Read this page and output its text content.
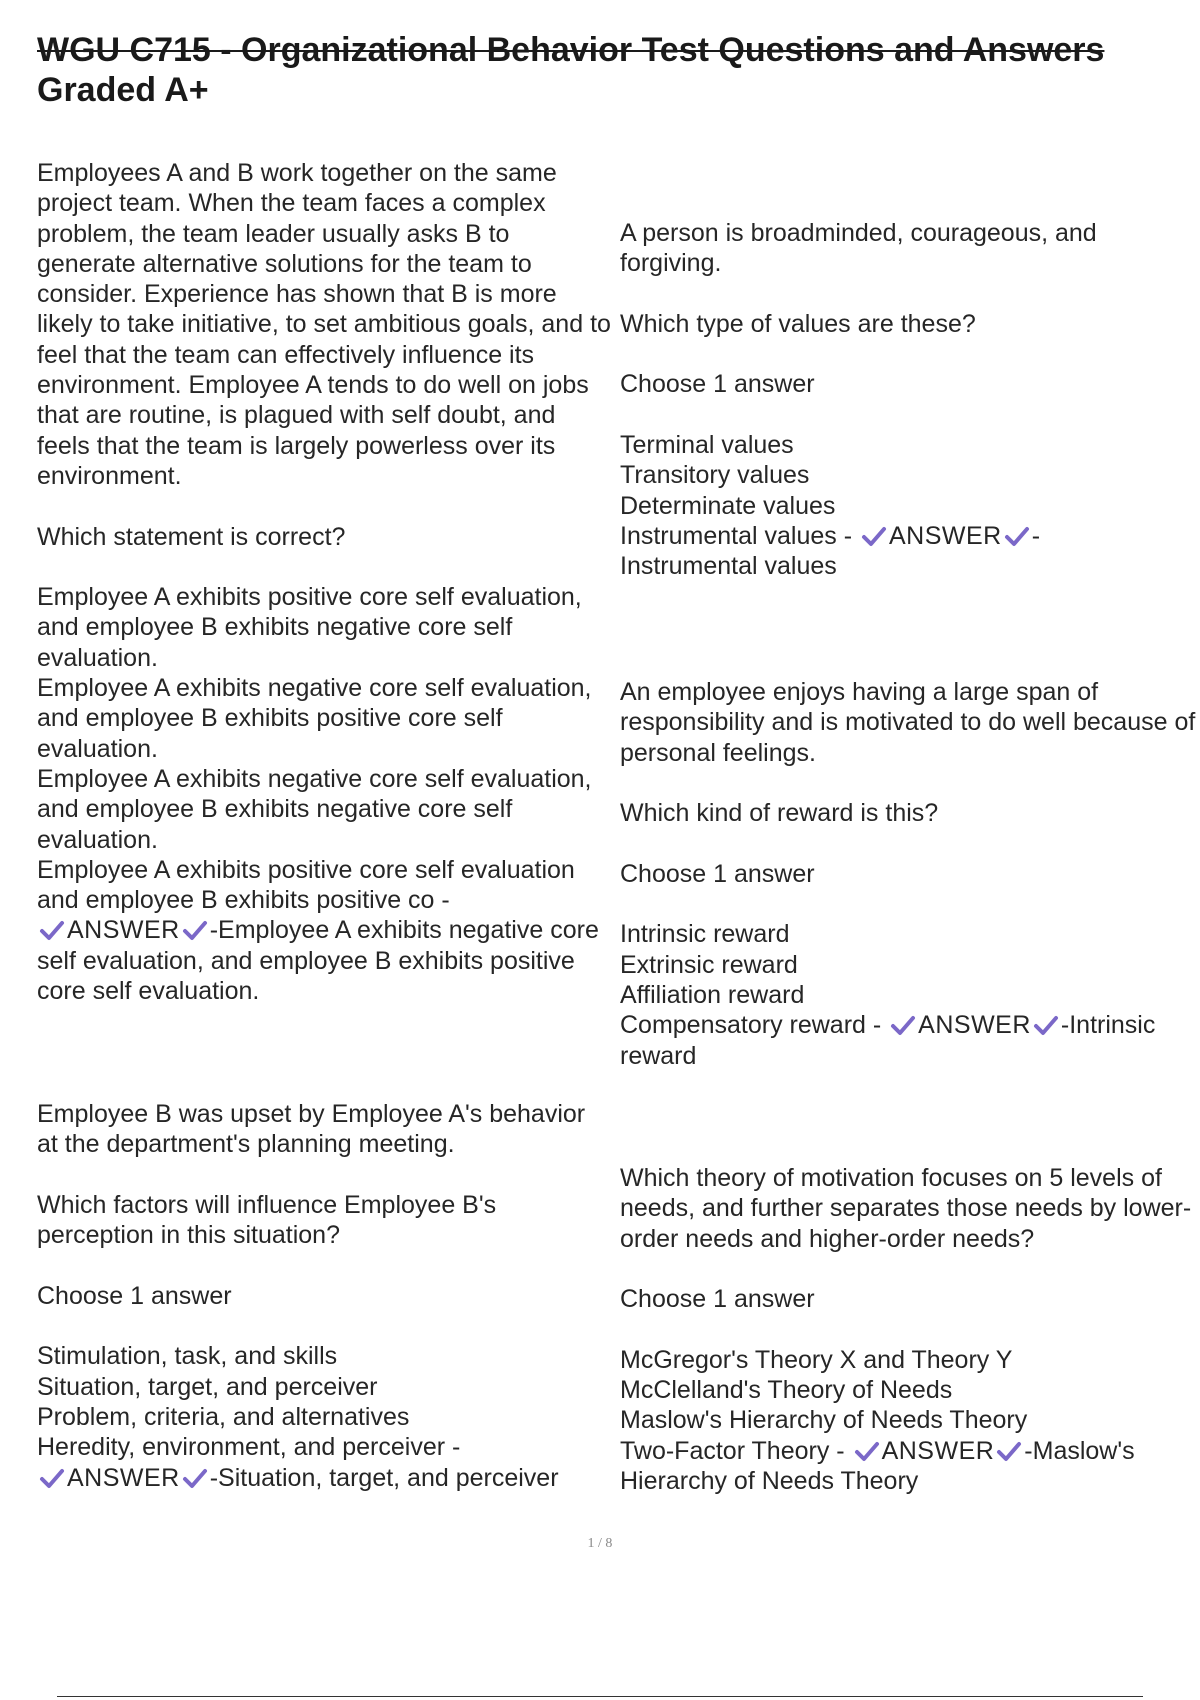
WGU C715 - Organizational Behavior Test Questions and Answers
Graded A+

Employees A and B work together on the same project team. When the team faces a complex problem, the team leader usually asks B to generate alternative solutions for the team to consider. Experience has shown that B is more likely to take initiative, to set ambitious goals, and to feel that the team can effectively influence its environment. Employee A tends to do well on jobs that are routine, is plagued with self doubt, and feels that the team is largely powerless over its environment.

Which statement is correct?

Employee A exhibits positive core self evaluation, and employee B exhibits negative core self evaluation.

Employee A exhibits negative core self evaluation, and employee B exhibits positive core self evaluation.

Employee A exhibits negative core self evaluation, and employee B exhibits negative core self evaluation.

Employee A exhibits positive core self evaluation and employee B exhibits positive co -

ANSWER -Employee A exhibits negative core self evaluation, and employee B exhibits positive core self evaluation.

A person is broadminded, courageous, and forgiving.

Which type of values are these?

Choose 1 answer

Terminal values

Transitory values

Determinate values

Instrumental values - ANSWER -
Instrumental values

An employee enjoys having a large span of responsibility and is motivated to do well because of personal feelings.

Which kind of reward is this?

Choose 1 answer

Intrinsic reward

Extrinsic reward

Affiliation reward

Compensatory reward - ANSWER -Intrinsic reward

Employee B was upset by Employee A's behavior at the department's planning meeting.

Which factors will influence Employee B's perception in this situation?

Choose 1 answer

Stimulation, task, and skills

Situation, target, and perceiver

Problem, criteria, and alternatives

Heredity, environment, and perceiver -

ANSWER -Situation, target, and perceiver

Which theory of motivation focuses on 5 levels of needs, and further separates those needs by lower-order needs and higher-order needs?

Choose 1 answer

McGregor's Theory X and Theory Y

McClelland's Theory of Needs

Maslow's Hierarchy of Needs Theory

Two-Factor Theory - ANSWER -Maslow's Hierarchy of Needs Theory

1 / 8
